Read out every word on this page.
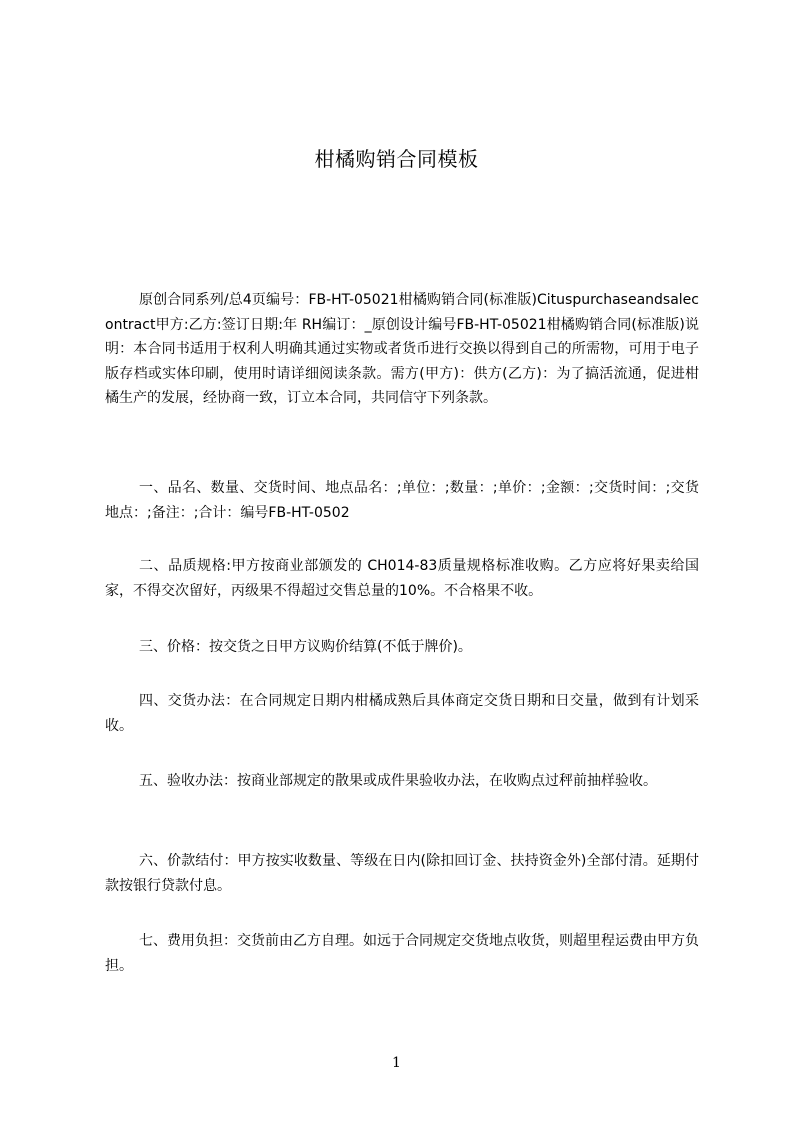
柑橘购销合同模板

原创合同系列/总4页编号：FB-HT-05021柑橘购销合同(标准版)Cituspurchaseandsalecontract甲方:乙方:签订日期:年 RH编订：_原创设计编号FB-HT-05021柑橘购销合同(标准版)说明：本合同书适用于权利人明确其通过实物或者货币进行交换以得到自己的所需物，可用于电子版存档或实体印刷，使用时请详细阅读条款。需方(甲方)：供方(乙方)：为了搞活流通，促进柑橘生产的发展，经协商一致，订立本合同，共同信守下列条款。

一、品名、数量、交货时间、地点品名：;单位：;数量：;单价：;金额：;交货时间：;交货地点：;备注：;合计：编号FB-HT-0502

二、品质规格:甲方按商业部颁发的 CH014-83质量规格标准收购。乙方应将好果卖给国家，不得交次留好，丙级果不得超过交售总量的10%。不合格果不收。

三、价格：按交货之日甲方议购价结算(不低于牌价)。

四、交货办法：在合同规定日期内柑橘成熟后具体商定交货日期和日交量，做到有计划采收。

五、验收办法：按商业部规定的散果或成件果验收办法，在收购点过秤前抽样验收。

六、价款结付：甲方按实收数量、等级在日内(除扣回订金、扶持资金外)全部付清。延期付款按银行贷款付息。

七、费用负担：交货前由乙方自理。如远于合同规定交货地点收货，则超里程运费由甲方负担。

1
